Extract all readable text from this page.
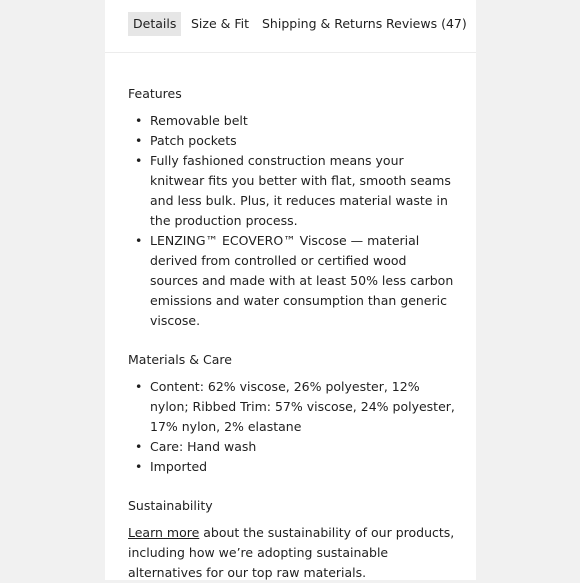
Details	Size & Fit Shipping & Returns Reviews (47)
Features
• Removable belt
• Patch pockets
• Fully fashioned construction means your knitwear fits you better with flat, smooth seams and less bulk. Plus, it reduces material waste in the production process.
• LENZING™ ECOVERO™ Viscose — material derived from controlled or certified wood sources and made with at least 50% less carbon emissions and water consumption than generic viscose.
Materials & Care
• Content: 62% viscose, 26% polyester, 12% nylon; Ribbed Trim: 57% viscose, 24% polyester, 17% nylon, 2% elastane
• Care: Hand wash
• Imported
Sustainability

Learn more about the sustainability of our products, including how we’re adopting sustainable alternatives for our top raw materials.
